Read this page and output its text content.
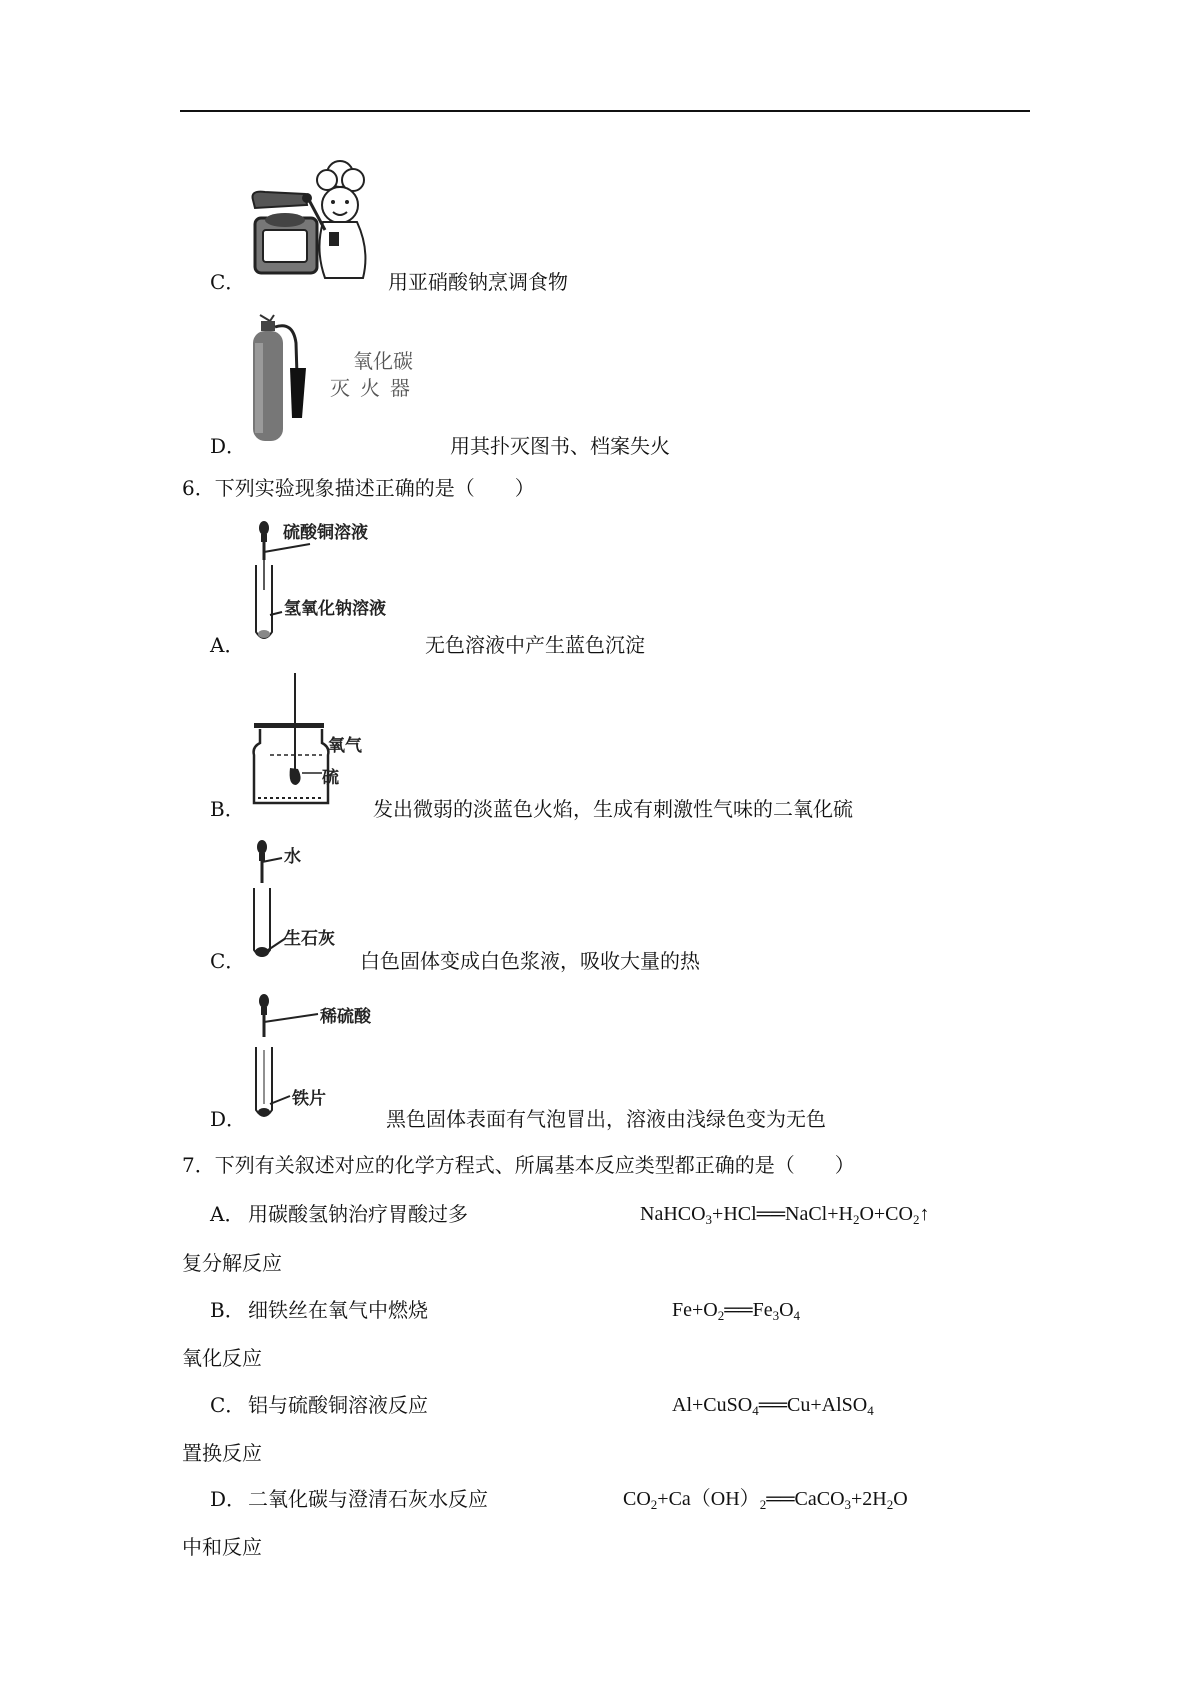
C．	用亚硝酸钠烹调食物
氧化碳
灭火器
D．	用其扑灭图书、档案失火
6．下列实验现象描述正确的是（　　）
硫酸铜溶液
氢氧化钠溶液
A．	无色溶液中产生蓝色沉淀
氧气
硫
B．	发出微弱的淡蓝色火焰，生成有刺激性气味的二氧化硫
水
生石灰
C．	白色固体变成白色浆液，吸收大量的热
稀硫酸
铁片
D．	黑色固体表面有气泡冒出，溶液由浅绿色变为无色
7．下列有关叙述对应的化学方程式、所属基本反应类型都正确的是（　　）
A． 用碳酸氢钠治疗胃酸过多	$NaHCO_3+HCl══NaCl+H_2O+CO_2↑$
复分解反应
B． 细铁丝在氧气中燃烧	$Fe+O_2══Fe_3O_4$
氧化反应
C． 铝与硫酸铜溶液反应	Al+CuSO$_4$══Cu+AlSO$_4$
置换反应
D． 二氧化碳与澄清石灰水反应	$CO_2+Ca(OH)_2══CaCO_3+2H_2O$
中和反应
